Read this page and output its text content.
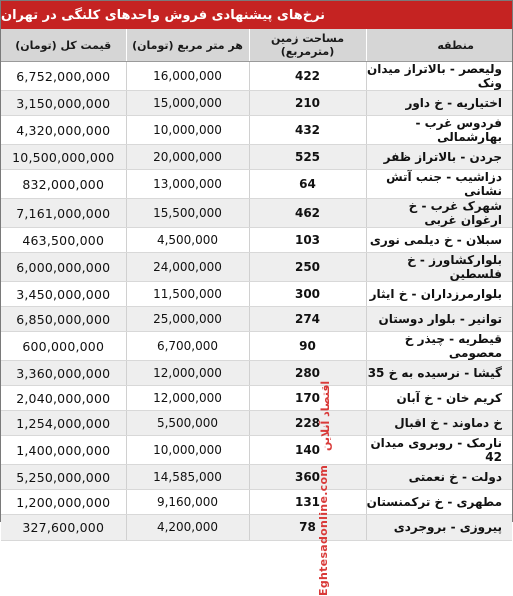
نرخ‌های پیشنهادی فروش واحدهای کلنگی در تهران
قیمت کل (تومان)	هر متر مربع (تومان)	مساحت زمین (مترمربع)	منطقه
6,752,000,000	16,000,000	422	ولیعصر - بالاتراز میدان ونک
3,150,000,000	15,000,000	210	اختیاریه - خ داور
4,320,000,000	10,000,000	432	فردوس غرب - بهارشمالی
10,500,000,000	20,000,000	525	جردن - بالاتراز ظفر
832,000,000	13,000,000	64	دزاشیب - جنب آتش نشانی
7,161,000,000	15,500,000	462	شهرک غرب - خ ارغوان غربی
463,500,000	4,500,000	103	سبلان - خ دیلمی نوری
6,000,000,000	24,000,000	250	بلوارکشاورز - خ فلسطین
3,450,000,000	11,500,000	300	بلوارمرزداران - خ ایثار
6,850,000,000	25,000,000	274	توانیر - بلوار دوستان
600,000,000	6,700,000	90	قیطریه - چیذر خ معصومی
3,360,000,000	12,000,000	280	گیشا - نرسیده به خ 35
2,040,000,000	12,000,000	170	کریم خان - خ آبان
1,254,000,000	5,500,000	228	خ دماوند - خ اقبال
1,400,000,000	10,000,000	140	نارمک - روبروی میدان 42
5,250,000,000	14,585,000	360	دولت - خ نعمتی
1,200,000,000	9,160,000	131	مطهری - خ ترکمنستان
327,600,000	4,200,000	78	پیروزی - بروجردی
اقتصاد آنلاین
Eghtesadonline.com
